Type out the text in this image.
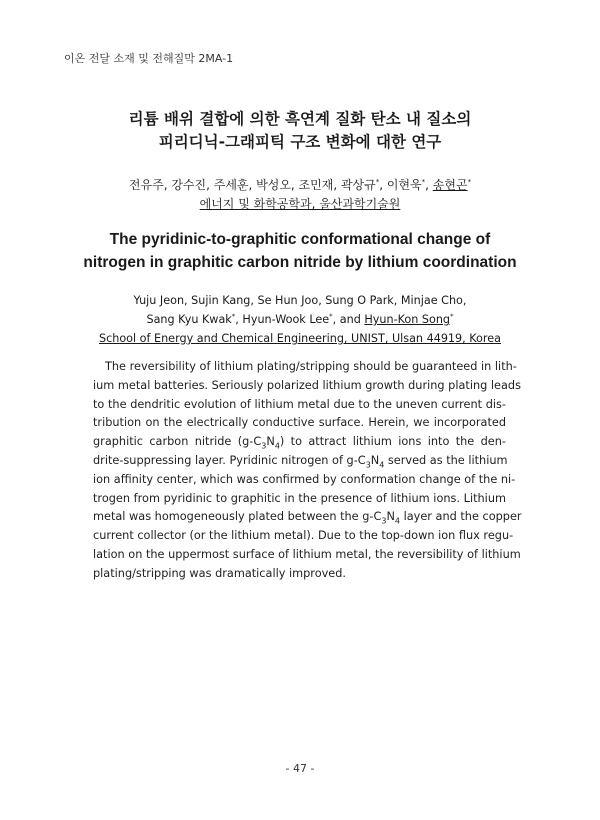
이온 전달 소재 및 전해질막 2MA-1
리튬 배위 결합에 의한 흑연계 질화 탄소 내 질소의
피리디닉-그래피틱 구조 변화에 대한 연구
전유주, 강수진, 주세훈, 박성오, 조민재, 곽상규*, 이현욱*, 송현곤*
에너지 및 화학공학과, 울산과학기술원
The pyridinic-to-graphitic conformational change of
nitrogen in graphitic carbon nitride by lithium coordination
Yuju Jeon, Sujin Kang, Se Hun Joo, Sung O Park, Minjae Cho,
Sang Kyu Kwak*, Hyun-Wook Lee*, and Hyun-Kon Song*
School of Energy and Chemical Engineering, UNIST, Ulsan 44919, Korea
The reversibility of lithium plating/stripping should be guaranteed in lith-
ium metal batteries. Seriously polarized lithium growth during plating leads
to the dendritic evolution of lithium metal due to the uneven current dis-
tribution on the electrically conductive surface. Herein, we incorporated
graphitic carbon nitride $(g-C_3N_4)$ to attract lithium ions into the den-
drite-suppressing layer. Pyridinic nitrogen of $g-C_3N_4$ served as the lithium
ion affinity center, which was confirmed by conformation change of the ni-
trogen from pyridinic to graphitic in the presence of lithium ions. Lithium
metal was homogeneously plated between the $g-C_3N_4$ layer and the copper
current collector (or the lithium metal). Due to the top-down ion flux regu-
lation on the uppermost surface of lithium metal, the reversibility of lithium
plating/stripping was dramatically improved.
- 47 -
